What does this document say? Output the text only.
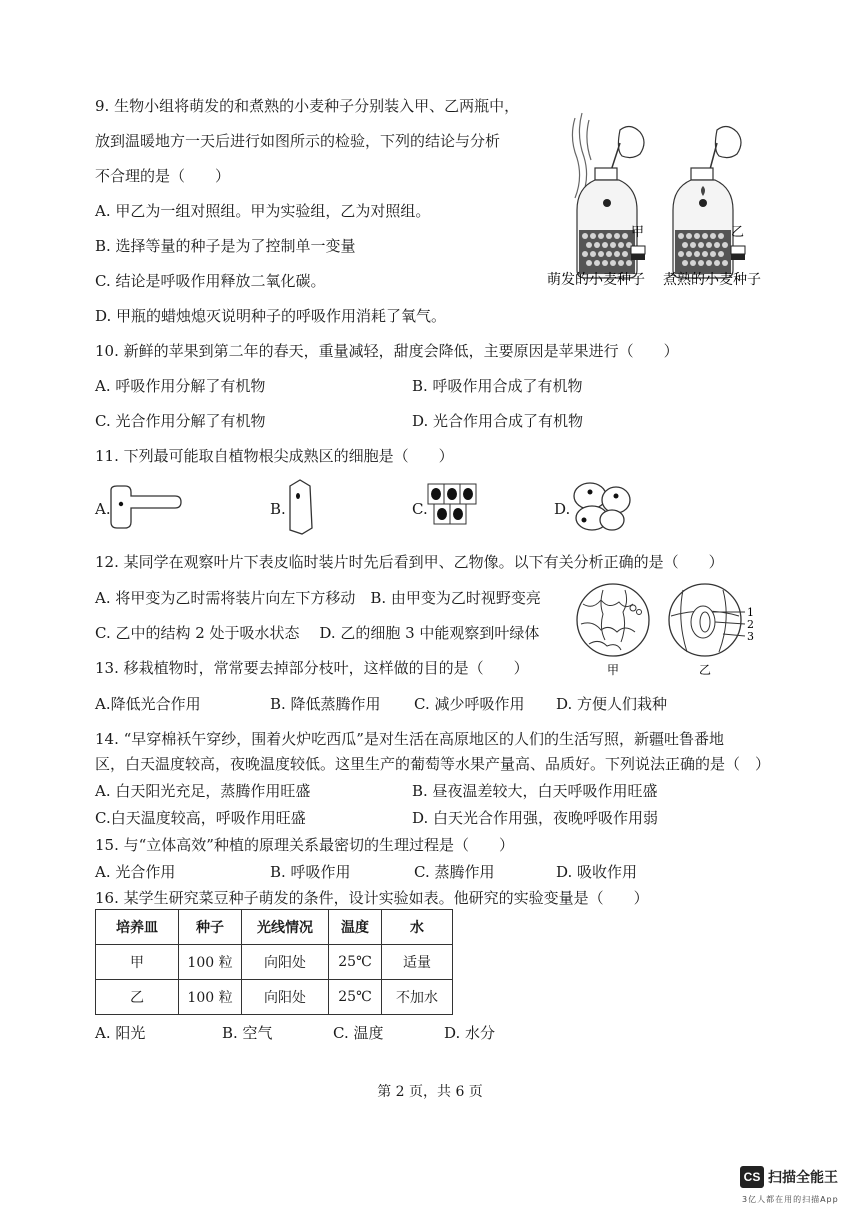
9. 生物小组将萌发的和煮熟的小麦种子分别装入甲、乙两瓶中，
放到温暖地方一天后进行如图所示的检验，下列的结论与分析
不合理的是（　　）
A. 甲乙为一组对照组。甲为实验组，乙为对照组。
B. 选择等量的种子是为了控制单一变量
C. 结论是呼吸作用释放二氧化碳。
D. 甲瓶的蜡烛熄灭说明种子的呼吸作用消耗了氧气。
甲	乙
萌发的小麦种子 煮熟的小麦种子
10. 新鲜的苹果到第二年的春天，重量减轻，甜度会降低，主要原因是苹果进行（　　）
A. 呼吸作用分解了有机物	B. 呼吸作用合成了有机物
C. 光合作用分解了有机物	D. 光合作用合成了有机物
11. 下列最可能取自植物根尖成熟区的细胞是（　　）
A.	B.	C.	D.
12. 某同学在观察叶片下表皮临时装片时先后看到甲、乙物像。以下有关分析正确的是（　　）
A. 将甲变为乙时需将装片向左下方移动　B. 由甲变为乙时视野变亮
C. 乙中的结构 2 处于吸水状态　 D. 乙的细胞 3 中能观察到叶绿体
1
2
3
甲	乙
13. 移栽植物时，常常要去掉部分枝叶，这样做的目的是（　　）
A.降低光合作用	B. 降低蒸腾作用 C. 减少呼吸作用 D. 方便人们栽种
14. “早穿棉袄午穿纱，围着火炉吃西瓜”是对生活在高原地区的人们的生活写照，新疆吐鲁番地
区，白天温度较高，夜晚温度较低。这里生产的葡萄等水果产量高、品质好。下列说法正确的是（　）
A. 白天阳光充足，蒸腾作用旺盛	B. 昼夜温差较大，白天呼吸作用旺盛
C.白天温度较高，呼吸作用旺盛	D. 白天光合作用强，夜晚呼吸作用弱
15. 与“立体高效”种植的原理关系最密切的生理过程是（　　）
A. 光合作用	B. 呼吸作用	C. 蒸腾作用	D. 吸收作用
16. 某学生研究菜豆种子萌发的条件，设计实验如表。他研究的实验变量是（　　）
培养皿	种子	光线情况	温度	水
甲	100 粒	向阳处	25℃	适量
乙	100 粒	向阳处	25℃	不加水
A. 阳光	B. 空气	C. 温度	D. 水分
第 2 页，共 6 页
CS 扫描全能王
3亿人都在用的扫描App
